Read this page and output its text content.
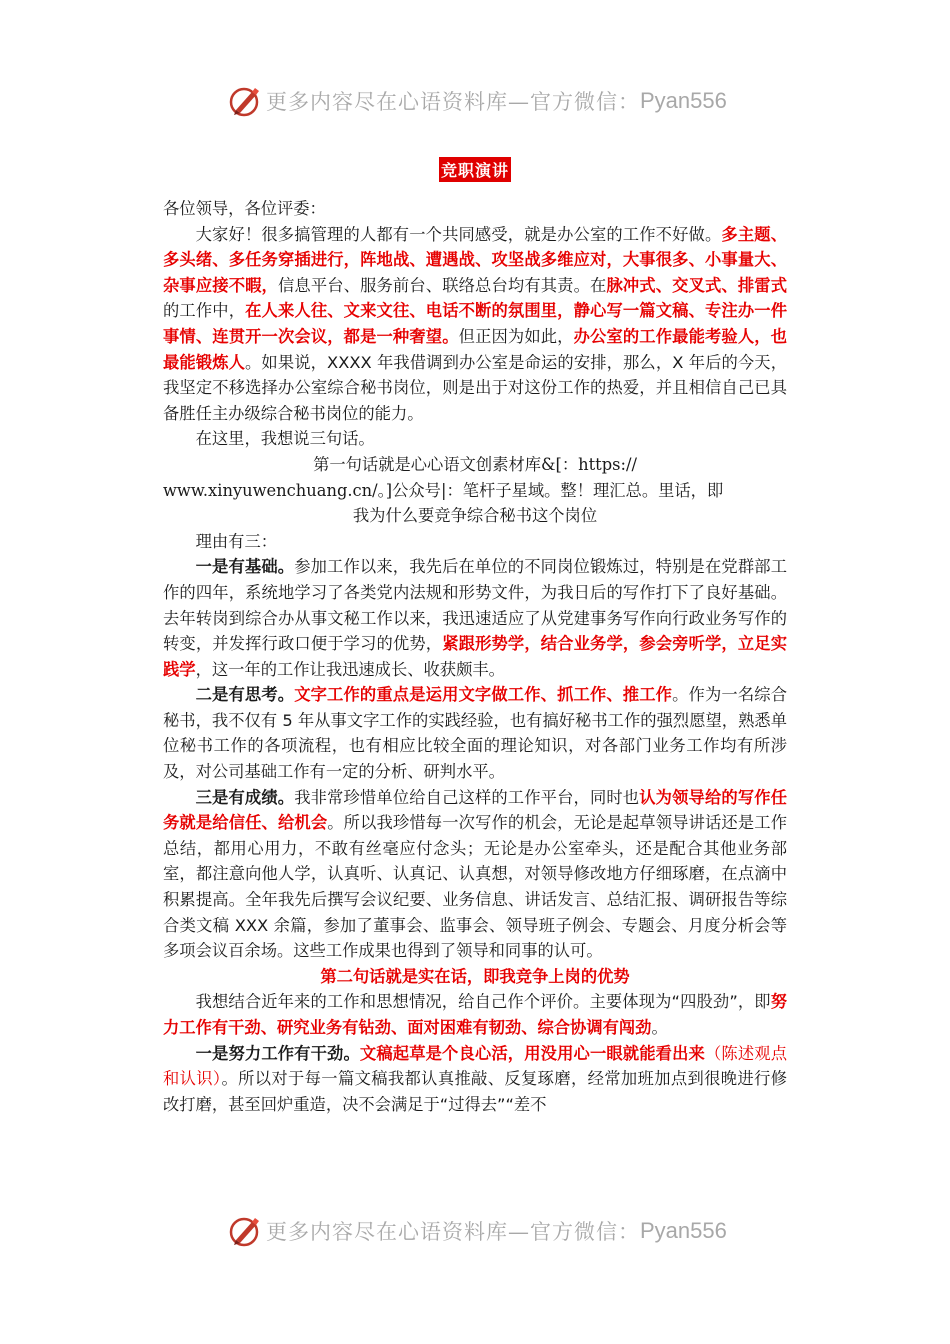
更多内容尽在心语资料库—官方微信： Pyan556
竞职演讲

各位领导，各位评委：

大家好！很多搞管理的人都有一个共同感受，就是办公室的工作不好做。多主题、多头绪、多任务穿插进行，阵地战、遭遇战、攻坚战多维应对，大事很多、小事量大、杂事应接不暇，信息平台、服务前台、联络总台均有其责。在脉冲式、交叉式、排雷式的工作中，在人来人往、文来文往、电话不断的氛围里，静心写一篇文稿、专注办一件事情、连贯开一次会议，都是一种奢望。但正因为如此，办公室的工作最能考验人，也最能锻炼人。如果说，XXXX 年我借调到办公室是命运的安排，那么，X 年后的今天，我坚定不移选择办公室综合秘书岗位，则是出于对这份工作的热爱，并且相信自己已具备胜任主办级综合秘书岗位的能力。

在这里，我想说三句话。

第一句话就是心心语文创素材库&[：https://

www.xinyuwenchuang.cn/。]公众号|：笔杆子星域。整！理汇总。里话，即

我为什么要竞争综合秘书这个岗位

理由有三：

一是有基础。参加工作以来，我先后在单位的不同岗位锻炼过，特别是在党群部工作的四年，系统地学习了各类党内法规和形势文件，为我日后的写作打下了良好基础。去年转岗到综合办从事文秘工作以来，我迅速适应了从党建事务写作向行政业务写作的转变，并发挥行政口便于学习的优势，紧跟形势学，结合业务学，参会旁听学，立足实践学，这一年的工作让我迅速成长、收获颇丰。

二是有思考。文字工作的重点是运用文字做工作、抓工作、推工作。作为一名综合秘书，我不仅有 5 年从事文字工作的实践经验，也有搞好秘书工作的强烈愿望，熟悉单位秘书工作的各项流程，也有相应比较全面的理论知识，对各部门业务工作均有所涉及，对公司基础工作有一定的分析、研判水平。

三是有成绩。我非常珍惜单位给自己这样的工作平台，同时也认为领导给的写作任务就是给信任、给机会。所以我珍惜每一次写作的机会，无论是起草领导讲话还是工作总结，都用心用力，不敢有丝毫应付念头；无论是办公室牵头，还是配合其他业务部室，都注意向他人学，认真听、认真记、认真想，对领导修改地方仔细琢磨，在点滴中积累提高。全年我先后撰写会议纪要、业务信息、讲话发言、总结汇报、调研报告等综合类文稿 XXX 余篇，参加了董事会、监事会、领导班子例会、专题会、月度分析会等多项会议百余场。这些工作成果也得到了领导和同事的认可。

第二句话就是实在话，即我竞争上岗的优势

我想结合近年来的工作和思想情况，给自己作个评价。主要体现为“四股劲”，即努力工作有干劲、研究业务有钻劲、面对困难有韧劲、综合协调有闯劲。

一是努力工作有干劲。文稿起草是个良心活，用没用心一眼就能看出来（陈述观点和认识）。所以对于每一篇文稿我都认真推敲、反复琢磨，经常加班加点到很晚进行修改打磨，甚至回炉重造，决不会满足于“过得去”“差不

更多内容尽在心语资料库—官方微信： Pyan556
